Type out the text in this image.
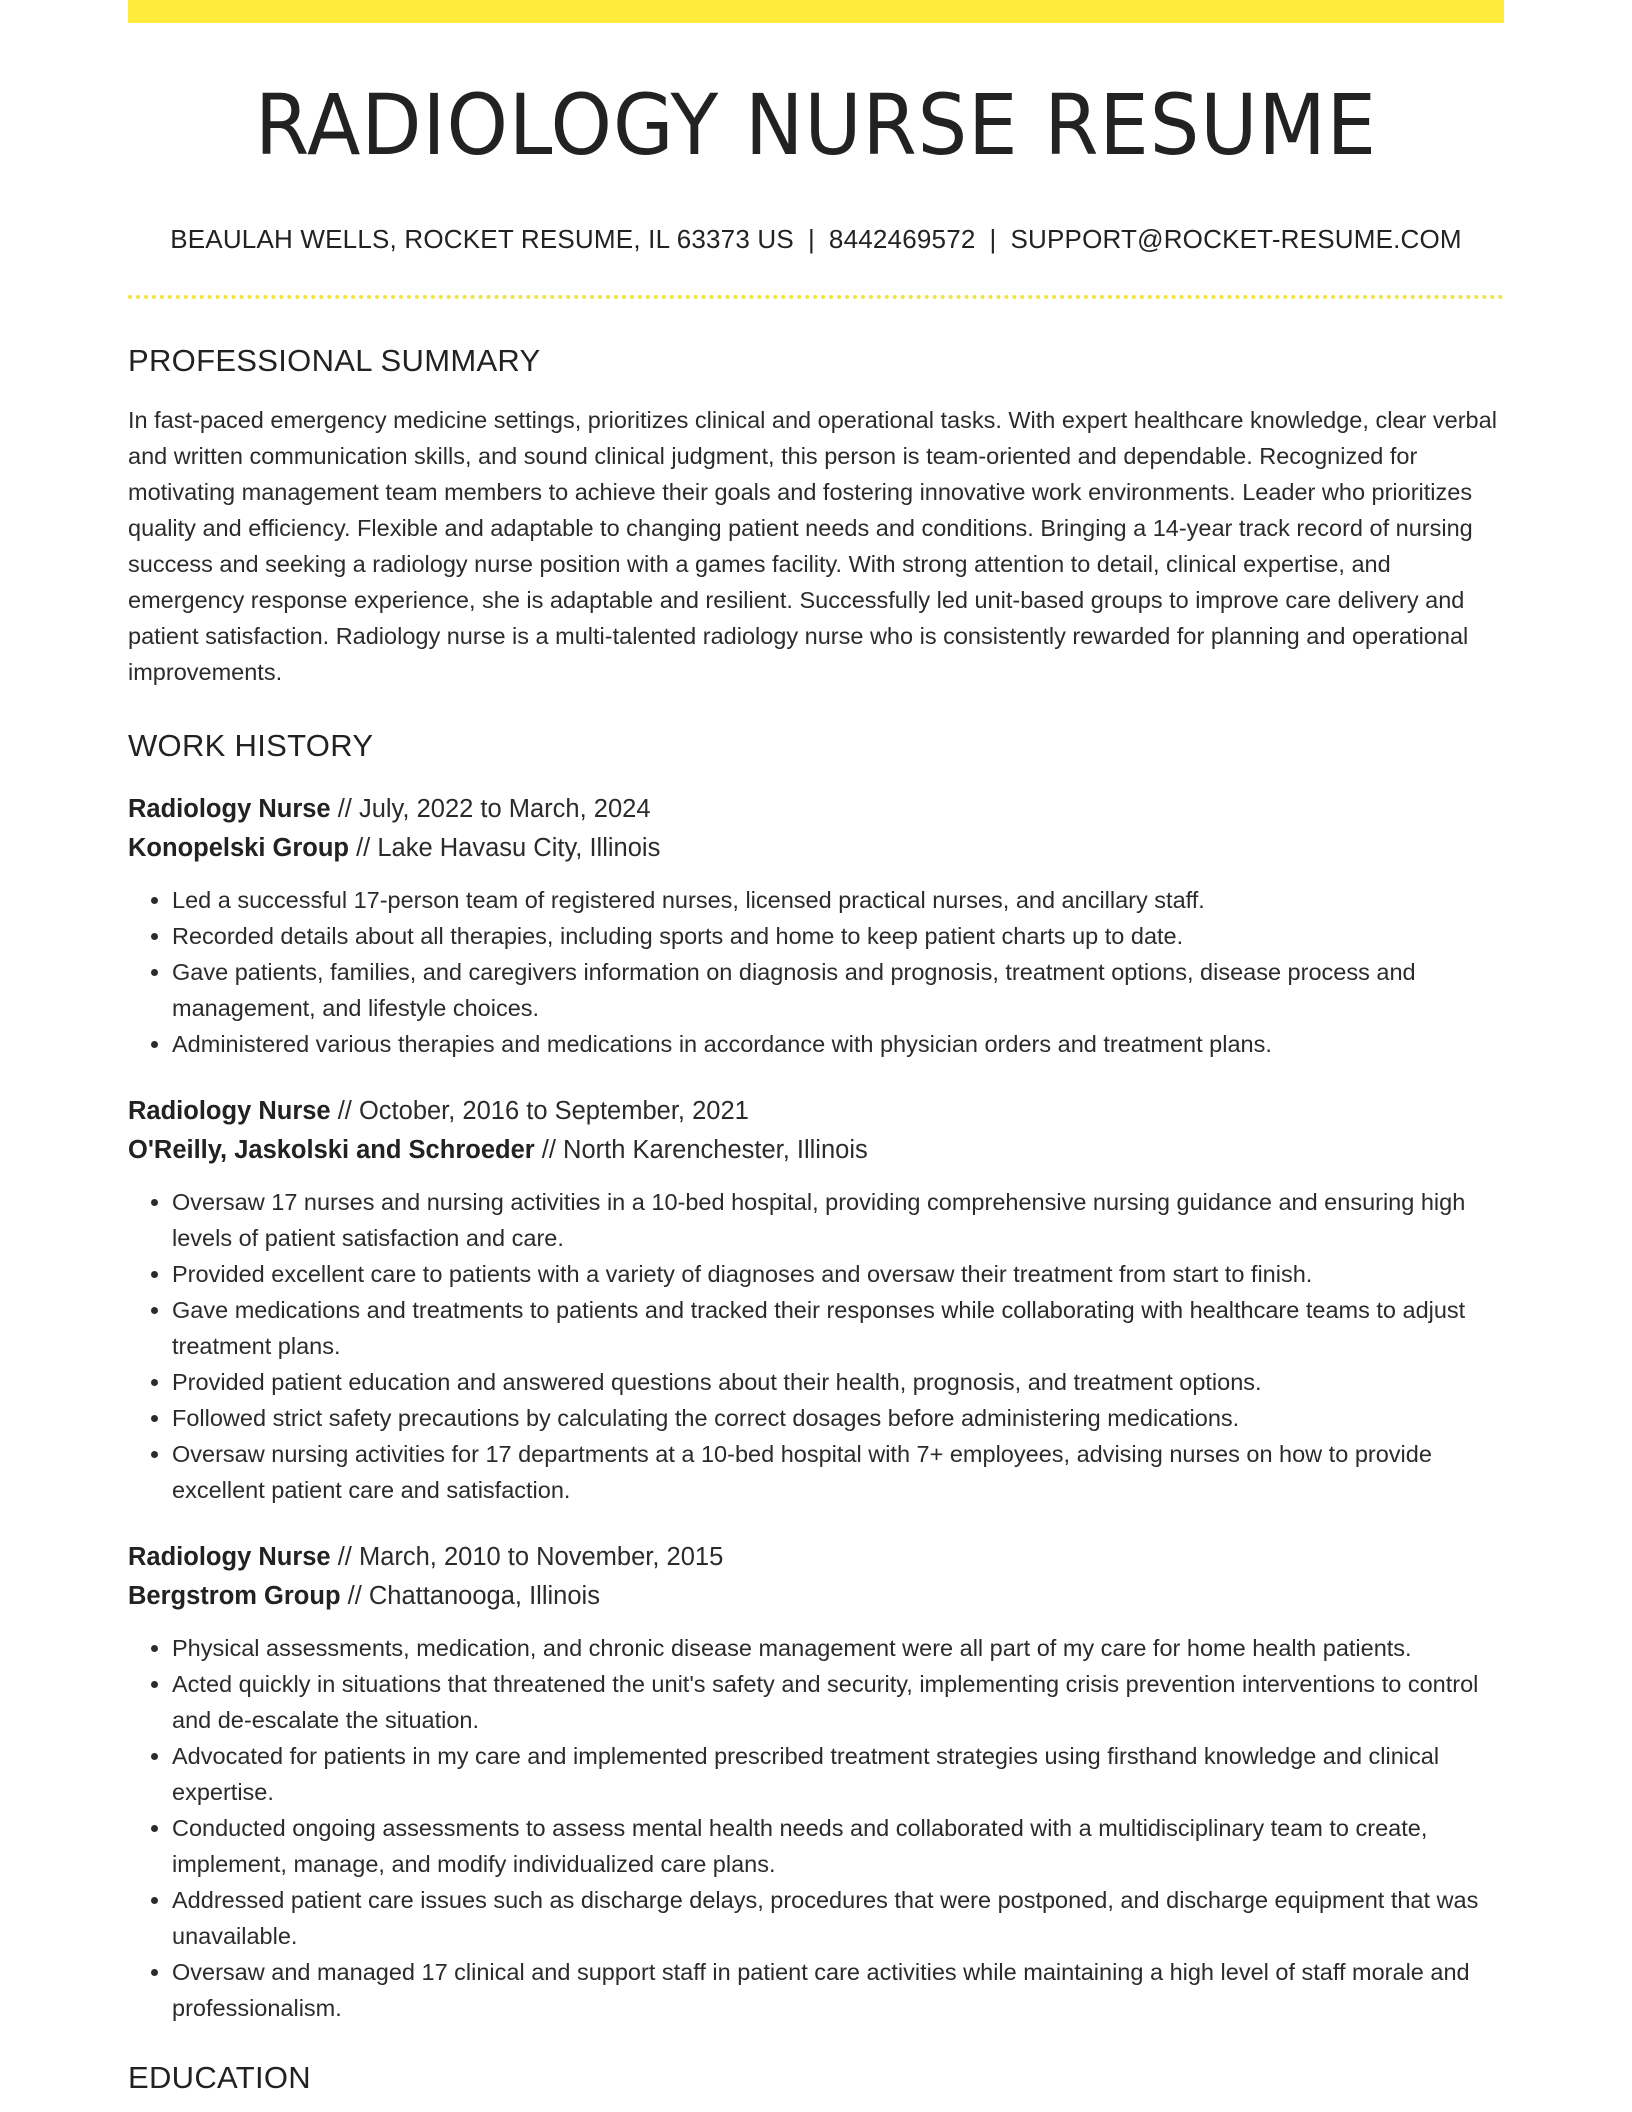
RADIOLOGY NURSE RESUME
BEAULAH WELLS, ROCKET RESUME, IL 63373 US | 8442469572 | SUPPORT@ROCKET-RESUME.COM
PROFESSIONAL SUMMARY

In fast-paced emergency medicine settings, prioritizes clinical and operational tasks. With expert healthcare knowledge, clear verbal and written communication skills, and sound clinical judgment, this person is team-oriented and dependable. Recognized for motivating management team members to achieve their goals and fostering innovative work environments. Leader who prioritizes quality and efficiency. Flexible and adaptable to changing patient needs and conditions. Bringing a 14-year track record of nursing success and seeking a radiology nurse position with a games facility. With strong attention to detail, clinical expertise, and emergency response experience, she is adaptable and resilient. Successfully led unit-based groups to improve care delivery and patient satisfaction. Radiology nurse is a multi-talented radiology nurse who is consistently rewarded for planning and operational improvements.

WORK HISTORY
Radiology Nurse // July, 2022 to March, 2024
Konopelski Group // Lake Havasu City, Illinois
• Led a successful 17-person team of registered nurses, licensed practical nurses, and ancillary staff.
• Recorded details about all therapies, including sports and home to keep patient charts up to date.
• Gave patients, families, and caregivers information on diagnosis and prognosis, treatment options, disease process and management, and lifestyle choices.
• Administered various therapies and medications in accordance with physician orders and treatment plans.
Radiology Nurse // October, 2016 to September, 2021
O'Reilly, Jaskolski and Schroeder // North Karenchester, Illinois
• Oversaw 17 nurses and nursing activities in a 10-bed hospital, providing comprehensive nursing guidance and ensuring high levels of patient satisfaction and care.
• Provided excellent care to patients with a variety of diagnoses and oversaw their treatment from start to finish.
• Gave medications and treatments to patients and tracked their responses while collaborating with healthcare teams to adjust treatment plans.
• Provided patient education and answered questions about their health, prognosis, and treatment options.
• Followed strict safety precautions by calculating the correct dosages before administering medications.
• Oversaw nursing activities for 17 departments at a 10-bed hospital with 7+ employees, advising nurses on how to provide excellent patient care and satisfaction.
Radiology Nurse // March, 2010 to November, 2015
Bergstrom Group // Chattanooga, Illinois
• Physical assessments, medication, and chronic disease management were all part of my care for home health patients.
• Acted quickly in situations that threatened the unit's safety and security, implementing crisis prevention interventions to control and de-escalate the situation.
• Advocated for patients in my care and implemented prescribed treatment strategies using firsthand knowledge and clinical expertise.
• Conducted ongoing assessments to assess mental health needs and collaborated with a multidisciplinary team to create, implement, manage, and modify individualized care plans.
• Addressed patient care issues such as discharge delays, procedures that were postponed, and discharge equipment that was unavailable.
• Oversaw and managed 17 clinical and support staff in patient care activities while maintaining a high level of staff morale and professionalism.
EDUCATION
